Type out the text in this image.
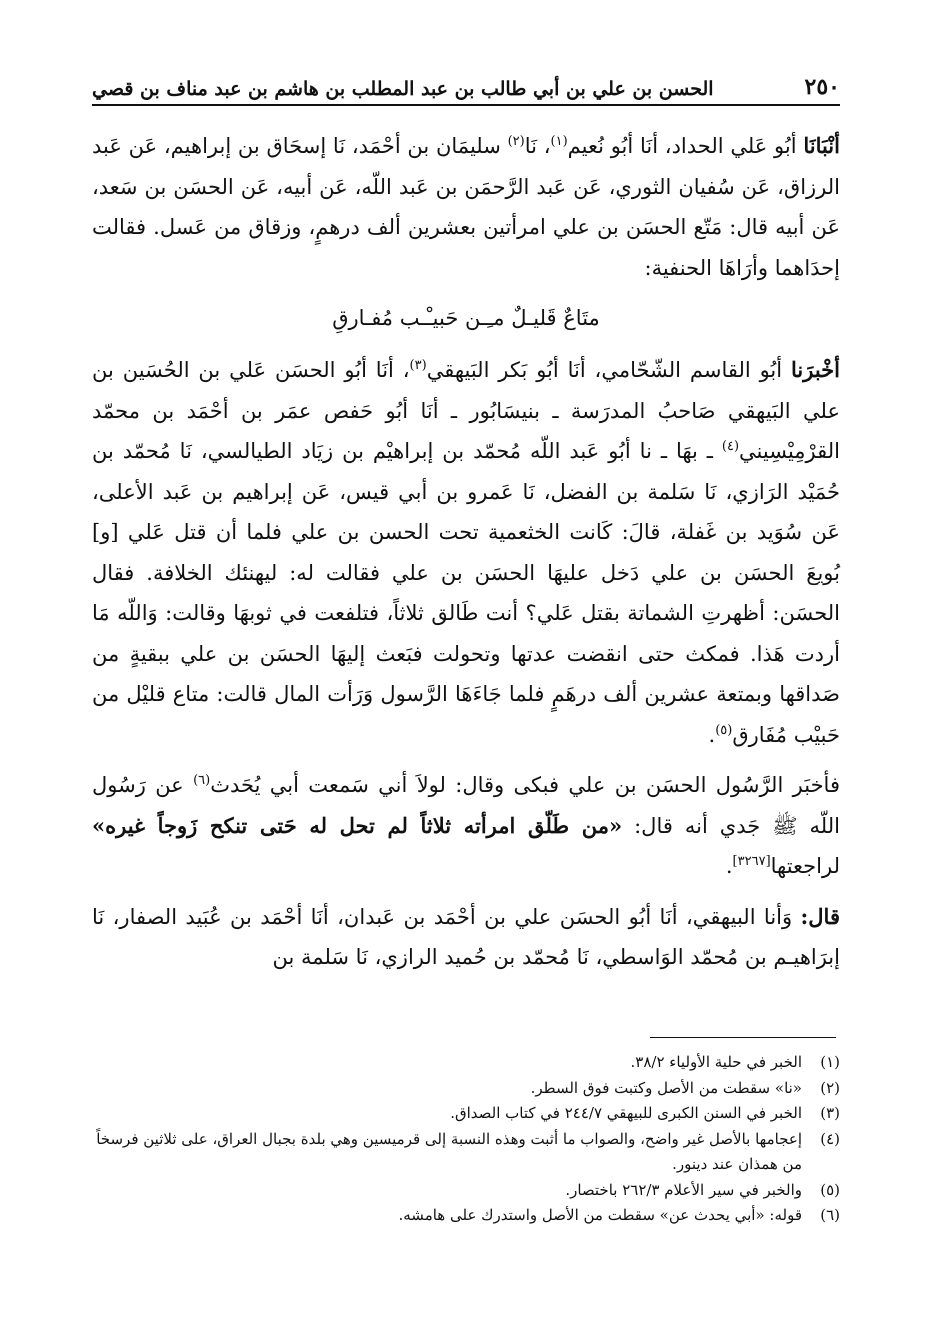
٢٥٠
الحسن بن علي بن أبي طالب بن عبد المطلب بن هاشم بن عبد مناف بن قصي

أنْبَانَا أبُو عَلي الحداد، أنَا أبُو نُعيم$^{(١)}$، نَا$^{(٢)}$ سليمَان بن أحْمَد، نَا إسحَاق بن إبراهيم، عَن عَبد الرزاق، عَن سُفيان الثوري، عَن عَبد الرَّحمَن بن عَبد اللّه، عَن أبيه، عَن الحسَن بن سَعد، عَن أبيه قال: مَتّع الحسَن بن علي امرأتين بعشرين ألف درهمٍ، وزقاق من عَسل. فقالت إحدَاهما وأرَاهَا الحنفية:

متَاعٌ قَليـلٌ مـِـن حَبيـْـب مُفـارقِ

أخْبرَنا أبُو القاسم الشّحّامي، أنَا أبُو بَكر البَيهقي$^{(٣)}$، أنَا أبُو الحسَن عَلي بن الحُسَين بن علي البَيهقي صَاحبُ المدرَسة ـ بنيسَابُور ـ أنَا أبُو حَفص عمَر بن أحْمَد بن محمّد القرْمِيْسِيني$^{(٤)}$ ـ بهَا ـ نا أبُو عَبد اللّه مُحمّد بن إبراهيْم بن زيَاد الطيالسي، نَا مُحمّد بن حُمَيْد الرَازي، نَا سَلمة بن الفضل، نَا عَمرو بن أبي قيس، عَن إبراهيم بن عَبد الأعلى، عَن سُوَيد بن غَفلة، قالَ: كَانت الخثعمية تحت الحسن بن علي فلما أن قتل عَلي [و] بُويعَ الحسَن بن علي دَخل عليهَا الحسَن بن علي فقالت له: ليهنئك الخلافة. فقال الحسَن: أظهرتِ الشماتة بقتل عَلي؟ أنت طَالق ثلاثاً، فتلفعت في ثوبهَا وقالت: وَاللّه مَا أردت هَذا. فمكث حتى انقضت عدتها وتحولت فبَعث إليهَا الحسَن بن علي ببقيةٍ من صَداقها وبمتعة عشرين ألف درهَمٍ فلما جَاءَهَا الرَّسول وَرَأت المال قالت: متاع قليْل من حَبيْب مُفَارق$^{(٥)}$.

فأخبَر الرَّسُول الحسَن بن علي فبكى وقال: لولاَ أني سَمعت أبي يُحَدث$^{(٦)}$ عن رَسُول اللّه ﷺ جَدي أنه قال: «من طَلّق امرأته ثلاثاً لم تحل له حَتى تنكح زَوجاً غيره» لراجعتها[٣٢٦٧].

قال: وَأنا البيهقي، أنَا أبُو الحسَن علي بن أحْمَد بن عَبدان، أنَا أحْمَد بن عُبَيد الصفار، نَا إبرَاهيـم بن مُحمّد الوَاسطي، نَا مُحمّد بن حُميد الرازي، نَا سَلمة بن

(١)
الخبر في حلية الأولياء ٣٨/٢.
(٢)
«نا» سقطت من الأصل وكتبت فوق السطر.
(٣)
الخبر في السنن الكبرى للبيهقي ٢٤٤/٧ في كتاب الصداق.
(٤)
إعجامها بالأصل غير واضح، والصواب ما أثبت وهذه النسبة إلى قرميسين وهي بلدة بجبال العراق، على ثلاثين فرسخاً من همذان عند دينور.
(٥)
والخبر في سير الأعلام ٢٦٢/٣ باختصار.
(٦)
قوله: «أبي يحدث عن» سقطت من الأصل واستدرك على هامشه.
